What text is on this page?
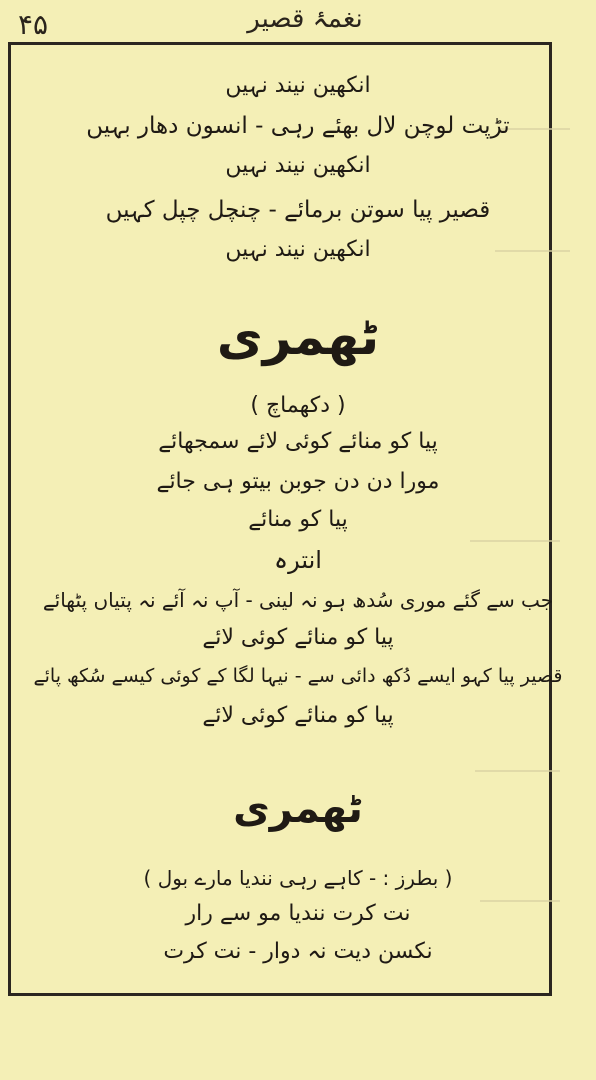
۴۵	نغمۂ قصیر
انکھین نیند نہیں
تڑپت لوچن لال بھئے رہی - انسون دھار بہیں
انکھین نیند نہیں
قصیر پیا سوتن برمائے - چنچل چپل کہیں
انکھین نیند نہیں
ٹھمری
( دکھماچ )
پیا کو منائے کوئی لائے سمجھائے
مورا دن دن جوبن بیتو ہی جائے
پیا کو منائے
انترہ
جب سے گئے موری سُدھ ہو نہ لینی - آپ نہ آئے نہ پتیاں پٹھائے
پیا کو منائے کوئی لائے
قصیر پیا کہو ایسے دُکھ دائی سے - نیہا لگا کے کوئی کیسے سُکھ پائے
پیا کو منائے کوئی لائے
ٹھمری
( بطرز : - کاہے رہی نندیا مارے بول )
نت کرت نندیا مو سے رار
نکسن دیت نہ دوار - نت کرت
